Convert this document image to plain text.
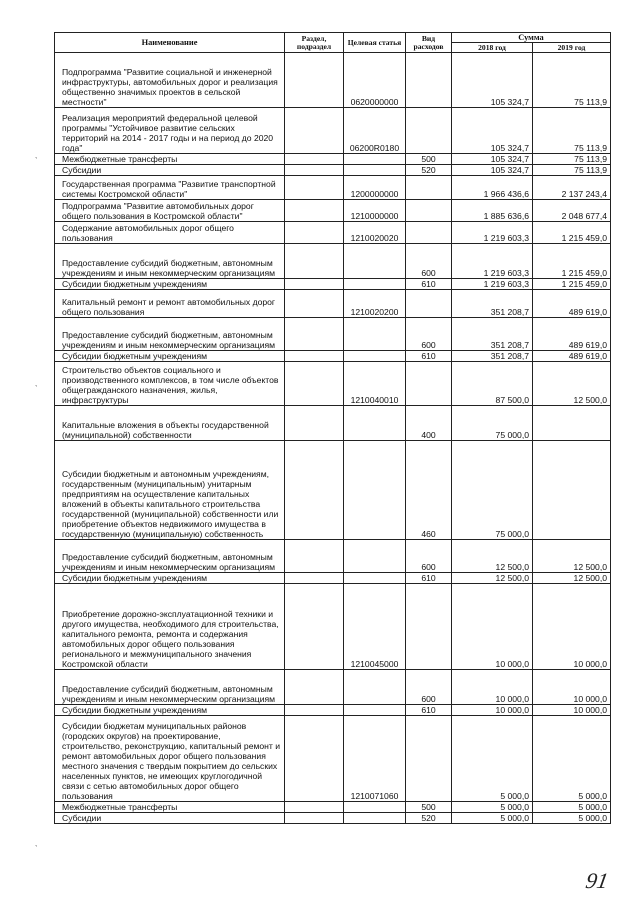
Наименование	Раздел, подраздел	Целевая статья	Вид расходов	Сумма	
				2018 год	2019 год
Подпрограмма "Развитие социальной и инженерной инфраструктуры, автомобильных дорог и реализация общественно значимых проектов в сельской местности"		0620000000		105 324,7	75 113,9
Реализация мероприятий федеральной целевой программы "Устойчивое развитие сельских территорий на 2014 - 2017 годы и на период до 2020 года"		06200R0180		105 324,7	75 113,9
Межбюджетные трансферты			500	105 324,7	75 113,9
Субсидии			520	105 324,7	75 113,9
Государственная программа "Развитие транспортной системы Костромской области"		1200000000		1 966 436,6	2 137 243,4
Подпрограмма "Развитие автомобильных дорог общего пользования в Костромской области"		1210000000		1 885 636,6	2 048 677,4
Содержание автомобильных дорог общего пользования		1210020020		1 219 603,3	1 215 459,0
Предоставление субсидий бюджетным, автономным учреждениям и иным некоммерческим организациям			600	1 219 603,3	1 215 459,0
Субсидии бюджетным учреждениям			610	1 219 603,3	1 215 459,0
Капитальный ремонт и ремонт автомобильных дорог общего пользования		1210020200		351 208,7	489 619,0
Предоставление субсидий бюджетным, автономным учреждениям и иным некоммерческим организациям			600	351 208,7	489 619,0
Субсидии бюджетным учреждениям			610	351 208,7	489 619,0
Строительство объектов социального и производственного комплексов, в том числе объектов общегражданского назначения, жилья, инфраструктуры		1210040010		87 500,0	12 500,0
Капитальные вложения в объекты государственной (муниципальной) собственности			400	75 000,0	
Субсидии бюджетным и автономным учреждениям, государственным (муниципальным) унитарным предприятиям на осуществление капитальных вложений в объекты капитального строительства государственной (муниципальной) собственности или приобретение объектов недвижимого имущества в государственную (муниципальную) собственность			460	75 000,0	
Предоставление субсидий бюджетным, автономным учреждениям и иным некоммерческим организациям			600	12 500,0	12 500,0
Субсидии бюджетным учреждениям			610	12 500,0	12 500,0
Приобретение дорожно-эксплуатационной техники и другого имущества, необходимого для строительства, капитального ремонта, ремонта и содержания автомобильных дорог общего пользования регионального и межмуниципального значения Костромской области		1210045000		10 000,0	10 000,0
Предоставление субсидий бюджетным, автономным учреждениям и иным некоммерческим организациям			600	10 000,0	10 000,0
Субсидии бюджетным учреждениям			610	10 000,0	10 000,0
Субсидии бюджетам муниципальных районов (городских округов) на проектирование, строительство, реконструкцию, капитальный ремонт и ремонт автомобильных дорог общего пользования местного значения с твердым покрытием до сельских населенных пунктов, не имеющих круглогодичной связи с сетью автомобильных дорог общего пользования		1210071060		5 000,0	5 000,0
Межбюджетные трансферты			500	5 000,0	5 000,0
Субсидии			520	5 000,0	5 000,0
ˎ
ˎ
ˎ
91
